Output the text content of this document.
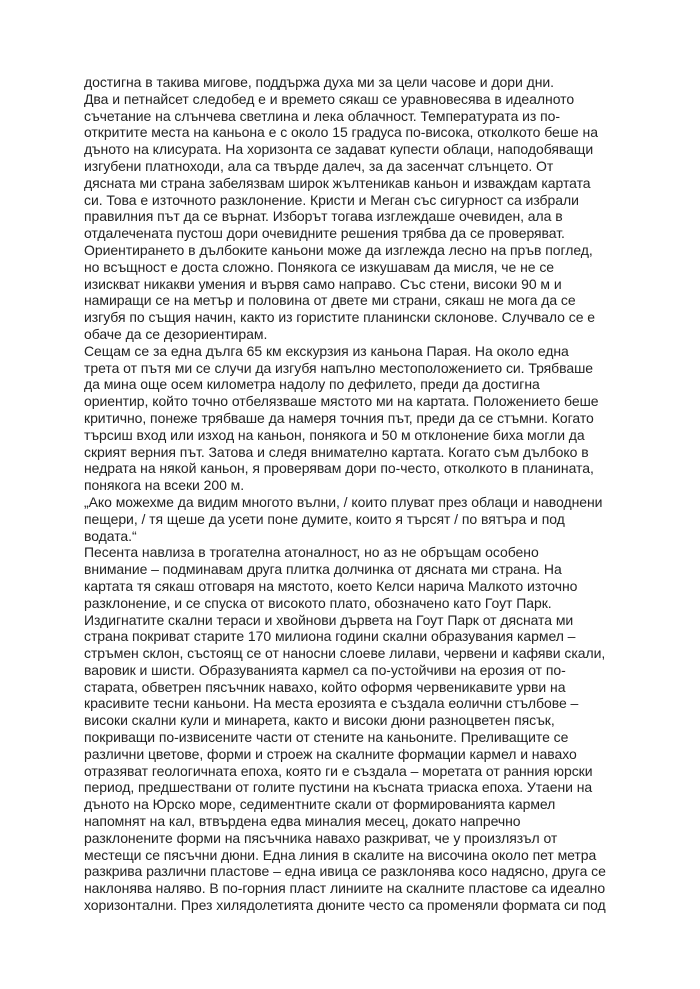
достигна в такива мигове, поддържа духа ми за цели часове и дори дни.
Два и петнайсет следобед е и времето сякаш се уравновесява в идеалното
съчетание на слънчева светлина и лека облачност. Температурата из по-
откритите места на каньона е с около 15 градуса по-висока, отколкото беше на
дъното на клисурата. На хоризонта се задават купести облаци, наподобяващи
изгубени платноходи, ала са твърде далеч, за да засенчат слънцето. От
дясната ми страна забелязвам широк жълтеникав каньон и изваждам картата
си. Това е източното разклонение. Кристи и Меган със сигурност са избрали
правилния път да се върнат. Изборът тогава изглеждаше очевиден, ала в
отдалечената пустош дори очевидните решения трябва да се проверяват.
Ориентирането в дълбоките каньони може да изглежда лесно на пръв поглед,
но всъщност е доста сложно. Понякога се изкушавам да мисля, че не се
изискват никакви умения и вървя само направо. Със стени, високи 90 м и
намиращи се на метър и половина от двете ми страни, сякаш не мога да се
изгубя по същия начин, както из гористите планински склонове. Случвало се е
обаче да се дезориентирам.
Сещам се за една дълга 65 км екскурзия из каньона Парая. На около една
трета от пътя ми се случи да изгубя напълно местоположението си. Трябваше
да мина още осем километра надолу по дефилето, преди да достигна
ориентир, който точно отбелязваше мястото ми на картата. Положението беше
критично, понеже трябваше да намеря точния път, преди да се стъмни. Когато
търсиш вход или изход на каньон, понякога и 50 м отклонение биха могли да
скрият верния път. Затова и следя внимателно картата. Когато съм дълбоко в
недрата на някой каньон, я проверявам дори по-често, отколкото в планината,
понякога на всеки 200 м.
„Ако можехме да видим многото вълни, / които плуват през облаци и наводнени
пещери, / тя щеше да усети поне думите, които я търсят / по вятъра и под
водата.“
Песента навлиза в трогателна атоналност, но аз не обръщам особено
внимание – подминавам друга плитка долчинка от дясната ми страна. На
картата тя сякаш отговаря на мястото, което Келси нарича Малкото източно
разклонение, и се спуска от високото плато, обозначено като Гоут Парк.
Издигнатите скални тераси и хвойнови дървета на Гоут Парк от дясната ми
страна покриват старите 170 милиона години скални образувания кармел –
стръмен склон, състоящ се от наносни слоеве лилави, червени и кафяви скали,
варовик и шисти. Образуванията кармел са по-устойчиви на ерозия от по-
старата, обветрен пясъчник навахо, който оформя червеникавите урви на
красивите тесни каньони. На места ерозията е създала еолични стълбове –
високи скални кули и минарета, както и високи дюни разноцветен пясък,
покриващи по-извисените части от стените на каньоните. Преливащите се
различни цветове, форми и строеж на скалните формации кармел и навахо
отразяват геологичната епоха, която ги е създала – моретата от ранния юрски
период, предшествани от голите пустини на късната триаска епоха. Утаени на
дъното на Юрско море, седиментните скали от формированията кармел
напомнят на кал, втвърдена едва миналия месец, докато напречно
разклонените форми на пясъчника навахо разкриват, че у произлязъл от
местещи се пясъчни дюни. Една линия в скалите на височина около пет метра
разкрива различни пластове – една ивица се разклонява косо надясно, друга се
наклонява наляво. В по-горния пласт линиите на скалните пластове са идеално
хоризонтални. През хилядолетията дюните често са променяли формата си под
